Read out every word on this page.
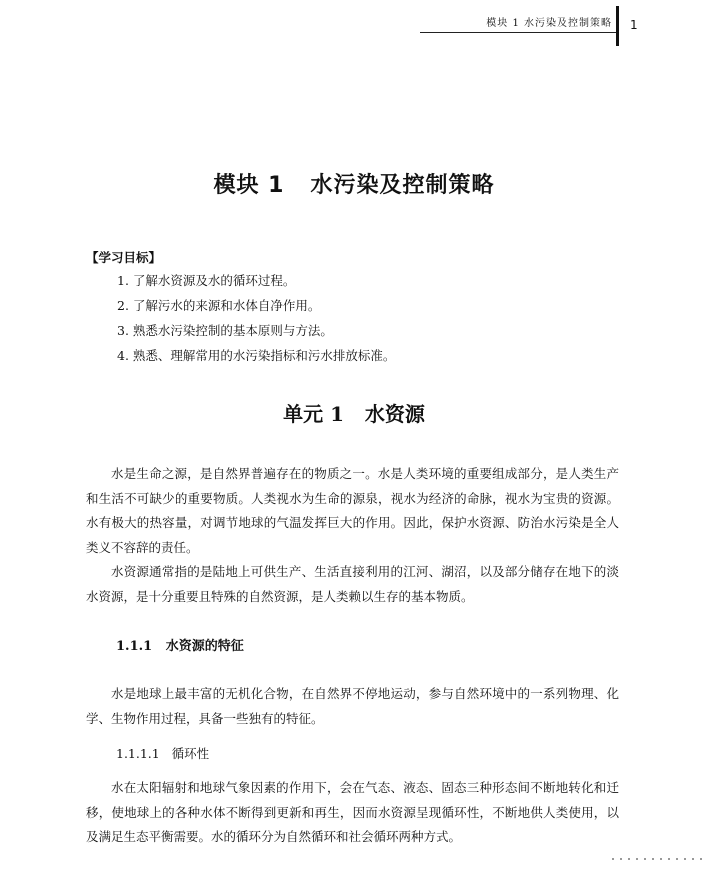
模块 1 水污染及控制策略 1
模块 1   水污染及控制策略
【学习目标】
1. 了解水资源及水的循环过程。
2. 了解污水的来源和水体自净作用。
3. 熟悉水污染控制的基本原则与方法。
4. 熟悉、理解常用的水污染指标和污水排放标准。
单元 1   水资源

水是生命之源，是自然界普遍存在的物质之一。水是人类环境的重要组成部分，是人类生产和生活不可缺少的重要物质。人类视水为生命的源泉，视水为经济的命脉，视水为宝贵的资源。水有极大的热容量，对调节地球的气温发挥巨大的作用。因此，保护水资源、防治水污染是全人类义不容辞的责任。

水资源通常指的是陆地上可供生产、生活直接利用的江河、湖沼，以及部分储存在地下的淡水资源，是十分重要且特殊的自然资源，是人类赖以生存的基本物质。

1.1.1 水资源的特征

水是地球上最丰富的无机化合物，在自然界不停地运动，参与自然环境中的一系列物理、化学、生物作用过程，具备一些独有的特征。

1.1.1.1 循环性

水在太阳辐射和地球气象因素的作用下，会在气态、液态、固态三种形态间不断地转化和迁移，使地球上的各种水体不断得到更新和再生，因而水资源呈现循环性，不断地供人类使用，以及满足生态平衡需要。水的循环分为自然循环和社会循环两种方式。
